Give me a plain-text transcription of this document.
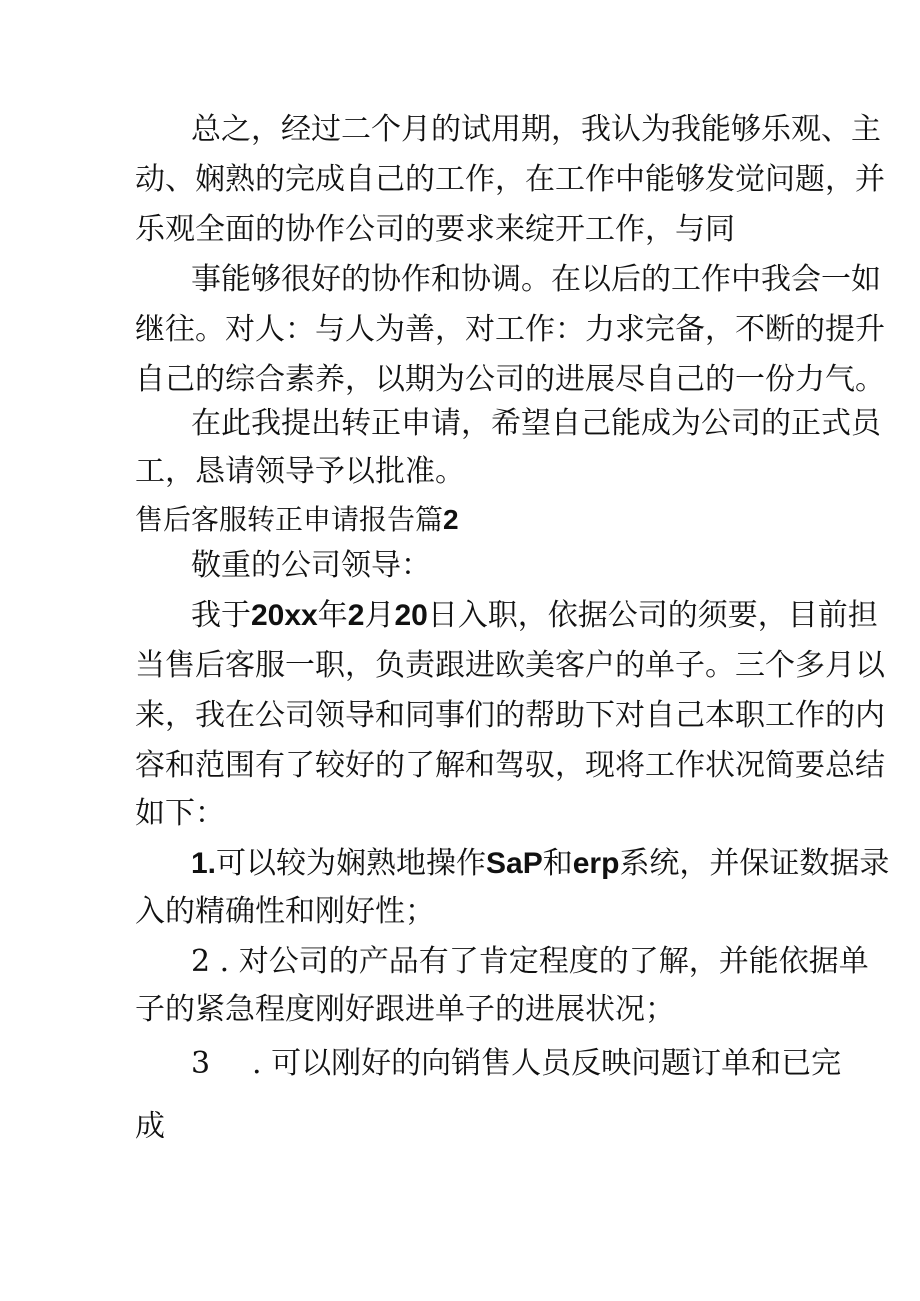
总之，经过二个月的试用期，我认为我能够乐观、主
动、娴熟的完成自己的工作，在工作中能够发觉问题，并
乐观全面的协作公司的要求来绽开工作，与同
事能够很好的协作和协调。在以后的工作中我会一如
继往。对人：与人为善，对工作：力求完备，不断的提升
自己的综合素养，以期为公司的进展尽自己的一份力气。
在此我提出转正申请，希望自己能成为公司的正式员
工，恳请领导予以批准。
售后客服转正申请报告篇2
敬重的公司领导：
我于20xx年2月20日入职，依据公司的须要，目前担
当售后客服一职，负责跟进欧美客户的单子。三个多月以
来，我在公司领导和同事们的帮助下对自己本职工作的内
容和范围有了较好的了解和驾驭，现将工作状况简要总结
如下：
1.可以较为娴熟地操作SaP和erp系统，并保证数据录
入的精确性和刚好性；
2 . 对公司的产品有了肯定程度的了解，并能依据单
子的紧急程度刚好跟进单子的进展状况；
3 . 可以刚好的向销售人员反映问题订单和已完
成
